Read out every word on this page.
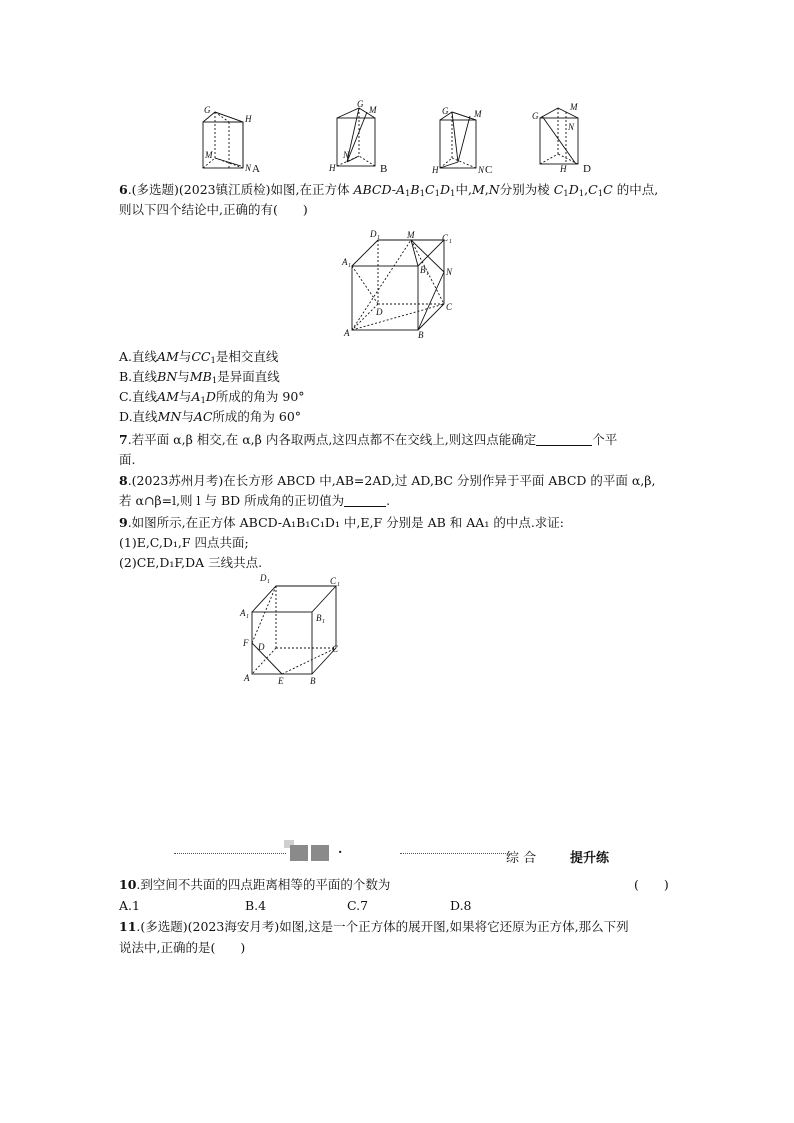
G
H
M
N A
G
M
N
H	B
G	M
H	N C
G
M
N
H D
6.(多选题)(2023镇江质检)如图,在正方体 ABCD-$A_1B_1C_1D_1$中,M,N分别为棱 $C_1D_1,C_1C$ 的中点,
则以下四个结论中,正确的有(　　)
D 1	C 1
A 1	B 1
M
N
D	C
A	B
A.直线AM与$CC_1$是相交直线
B.直线BN与$MB_1$是异面直线
C.直线AM与$A_1D$所成的角为 90°
D.直线MN与AC所成的角为 60°
7.若平面 α,β 相交,在 α,β 内各取两点,这四点都不在交线上,则这四点能确定	个平
面.
8.(2023苏州月考)在长方形 ABCD 中,AB=2AD,过 AD,BC 分别作异于平面 ABCD 的平面 α,β,
若 α∩β=l,则 l 与 BD 所成角的正切值为	.
9.如图所示,在正方体 ABCD-A₁B₁C₁D₁ 中,E,F 分别是 AB 和 AA₁ 的中点.求证:
(1)E,C,D₁,F 四点共面;
(2)CE,D₁F,DA 三线共点.
D 1	C 1
A 1	B 1
F D	C
A	E	B
·	综 合	提升练
10.到空间不共面的四点距离相等的平面的个数为	(　　)
A.1	B.4	C.7	D.8
11.(多选题)(2023海安月考)如图,这是一个正方体的展开图,如果将它还原为正方体,那么下列
说法中,正确的是(　　)
